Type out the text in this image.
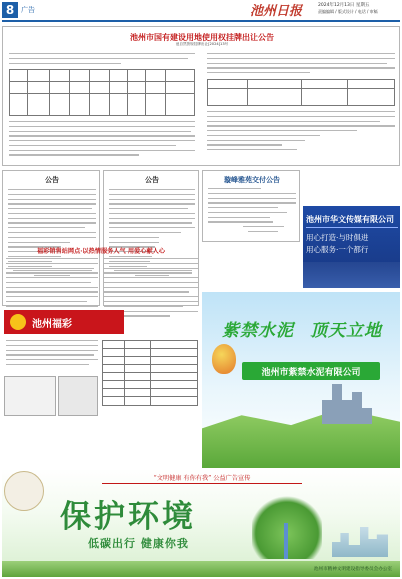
8 广告	池州日报	2024年12月13日 星期五
责编编辑 / 版式设计 / 电话 / 审稿
池州市国有建设用地使用权挂牌出让公告
池自然资规挂牌出让[2024]13号
公告	公告	璇峰雅苑交付公告
池州市华文传媒有限公司
用心打造·与时俱进
用心服务·一个都行
福彩销售站网点·以热情服务人气 用爱心献人心
池州福彩	紫禁水泥 顶天立地
池州市紫禁水泥有限公司
“文明健康 有你有我” 公益广告宣传
保护环境
低碳出行 健康你我
池州市精神文明建设指导委员会办公室
